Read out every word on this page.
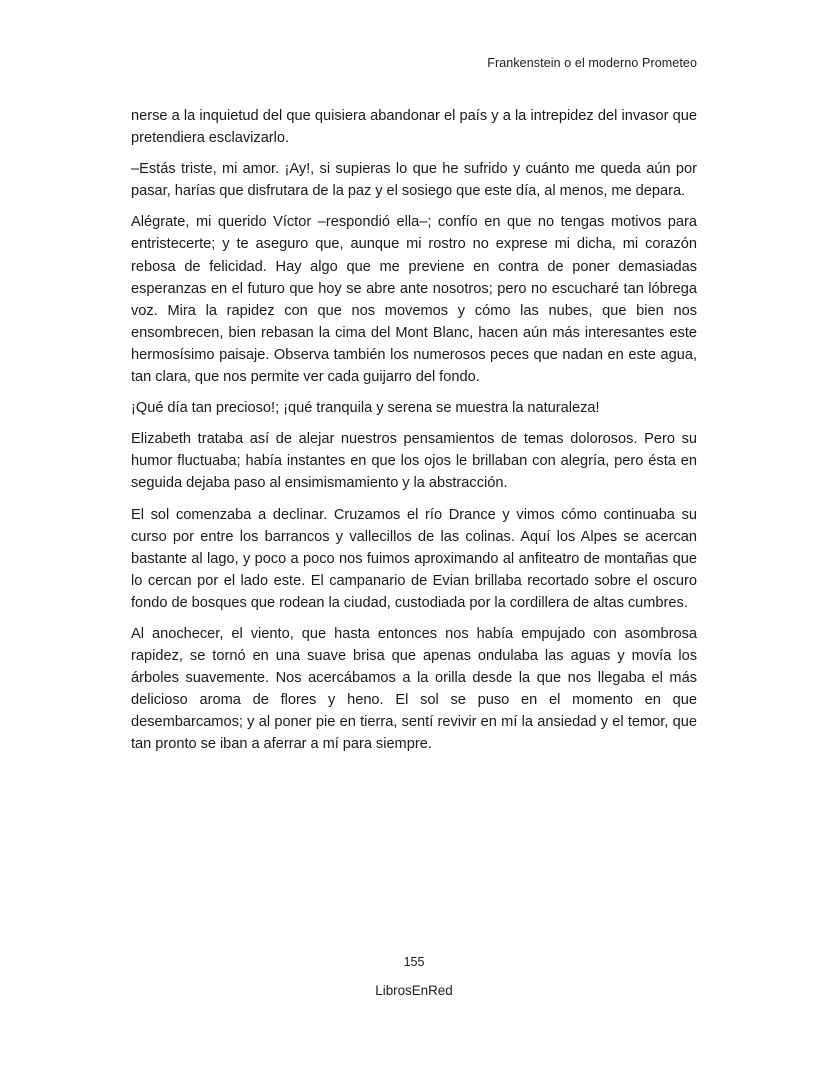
Frankenstein o el moderno Prometeo

nerse a la inquietud del que quisiera abandonar el país y a la intrepidez del invasor que pretendiera esclavizarlo.

–Estás triste, mi amor. ¡Ay!, si supieras lo que he sufrido y cuánto me queda aún por pasar, harías que disfrutara de la paz y el sosiego que este día, al menos, me depara.

Alégrate, mi querido Víctor –respondió ella–; confío en que no tengas motivos para entristecerte; y te aseguro que, aunque mi rostro no exprese mi dicha, mi corazón rebosa de felicidad. Hay algo que me previene en contra de poner demasiadas esperanzas en el futuro que hoy se abre ante nosotros; pero no escucharé tan lóbrega voz. Mira la rapidez con que nos movemos y cómo las nubes, que bien nos ensombrecen, bien rebasan la cima del Mont Blanc, hacen aún más interesantes este hermosísimo paisaje. Observa también los numerosos peces que nadan en este agua, tan clara, que nos permite ver cada guijarro del fondo.

¡Qué día tan precioso!; ¡qué tranquila y serena se muestra la naturaleza!

Elizabeth trataba así de alejar nuestros pensamientos de temas dolorosos. Pero su humor fluctuaba; había instantes en que los ojos le brillaban con alegría, pero ésta en seguida dejaba paso al ensimismamiento y la abstracción.

El sol comenzaba a declinar. Cruzamos el río Drance y vimos cómo continuaba su curso por entre los barrancos y vallecillos de las colinas. Aquí los Alpes se acercan bastante al lago, y poco a poco nos fuimos aproximando al anfiteatro de montañas que lo cercan por el lado este. El campanario de Evian brillaba recortado sobre el oscuro fondo de bosques que rodean la ciudad, custodiada por la cordillera de altas cumbres.

Al anochecer, el viento, que hasta entonces nos había empujado con asombrosa rapidez, se tornó en una suave brisa que apenas ondulaba las aguas y movía los árboles suavemente. Nos acercábamos a la orilla desde la que nos llegaba el más delicioso aroma de flores y heno. El sol se puso en el momento en que desembarcamos; y al poner pie en tierra, sentí revivir en mí la ansiedad y el temor, que tan pronto se iban a aferrar a mí para siempre.

155
LibrosEnRed
